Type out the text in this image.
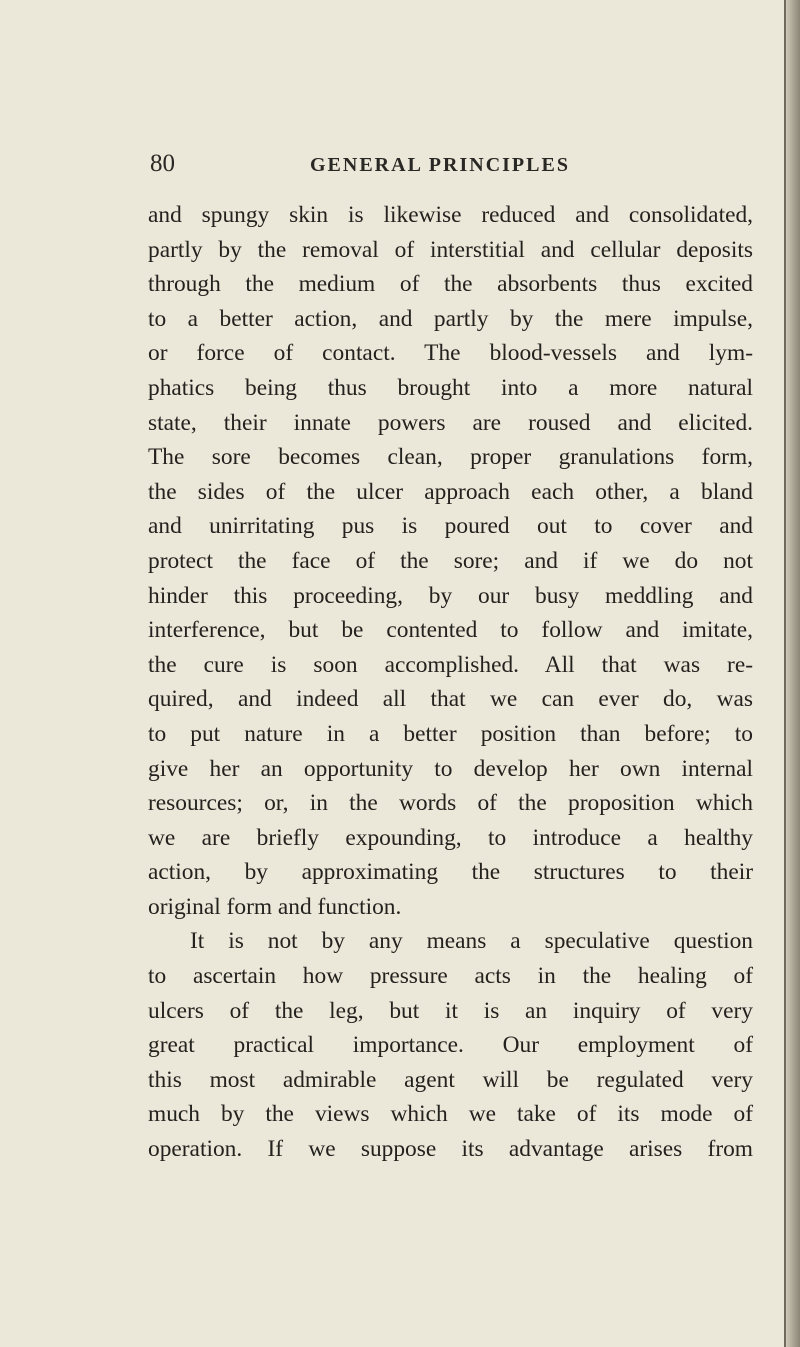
80	GENERAL PRINCIPLES
and spungy skin is likewise reduced and consolidated,
partly by the removal of interstitial and cellular deposits
through the medium of the absorbents thus excited
to a better action, and partly by the mere impulse,
or force of contact. The blood-vessels and lym-
phatics being thus brought into a more natural
state, their innate powers are roused and elicited.
The sore becomes clean, proper granulations form,
the sides of the ulcer approach each other, a bland
and unirritating pus is poured out to cover and
protect the face of the sore; and if we do not
hinder this proceeding, by our busy meddling and
interference, but be contented to follow and imitate,
the cure is soon accomplished. All that was re-
quired, and indeed all that we can ever do, was
to put nature in a better position than before; to
give her an opportunity to develop her own internal
resources; or, in the words of the proposition which
we are briefly expounding, to introduce a healthy
action, by approximating the structures to their
original form and function.
It is not by any means a speculative question
to ascertain how pressure acts in the healing of
ulcers of the leg, but it is an inquiry of very
great practical importance. Our employment of
this most admirable agent will be regulated very
much by the views which we take of its mode of
operation. If we suppose its advantage arises from
